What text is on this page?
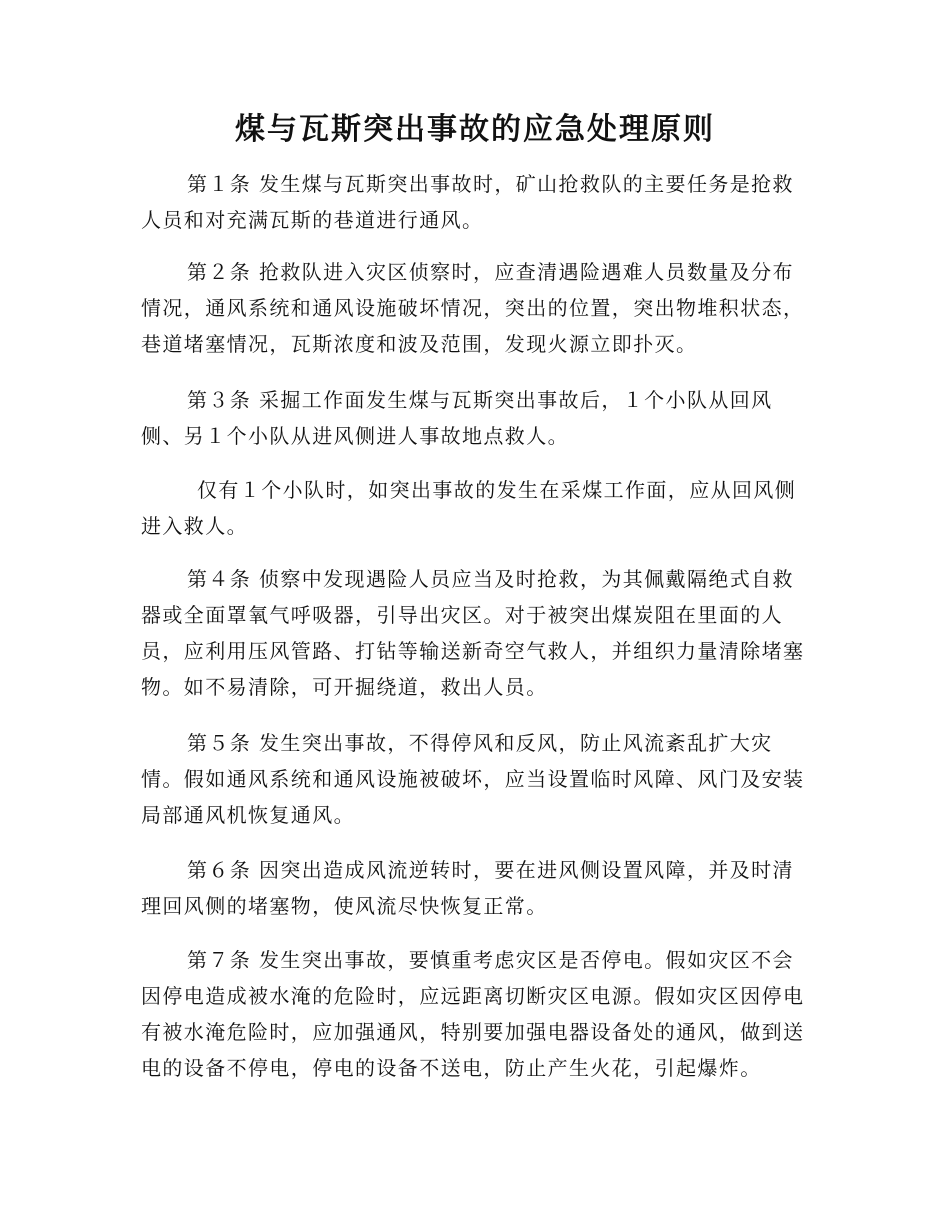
煤与瓦斯突出事故的应急处理原则

第１条 发生煤与瓦斯突出事故时，矿山抢救队的主要任务是抢救人员和对充满瓦斯的巷道进行通风。

第２条 抢救队进入灾区侦察时，应查清遇险遇难人员数量及分布情况，通风系统和通风设施破坏情况，突出的位置，突出物堆积状态，巷道堵塞情况，瓦斯浓度和波及范围，发现火源立即扑灭。

第３条 采掘工作面发生煤与瓦斯突出事故后，１个小队从回风侧、另１个小队从进风侧进人事故地点救人。

仅有１个小队时，如突出事故的发生在采煤工作面，应从回风侧进入救人。

第４条 侦察中发现遇险人员应当及时抢救，为其佩戴隔绝式自救器或全面罩氧气呼吸器，引导出灾区。对于被突出煤炭阻在里面的人员，应利用压风管路、打钻等输送新奇空气救人，并组织力量清除堵塞物。如不易清除，可开掘绕道，救出人员。

第５条 发生突出事故，不得停风和反风，防止风流紊乱扩大灾情。假如通风系统和通风设施被破坏，应当设置临时风障、风门及安装局部通风机恢复通风。

第６条 因突出造成风流逆转时，要在进风侧设置风障，并及时清理回风侧的堵塞物，使风流尽快恢复正常。

第７条 发生突出事故，要慎重考虑灾区是否停电。假如灾区不会因停电造成被水淹的危险时，应远距离切断灾区电源。假如灾区因停电有被水淹危险时，应加强通风，特别要加强电器设备处的通风，做到送电的设备不停电，停电的设备不送电，防止产生火花，引起爆炸。
